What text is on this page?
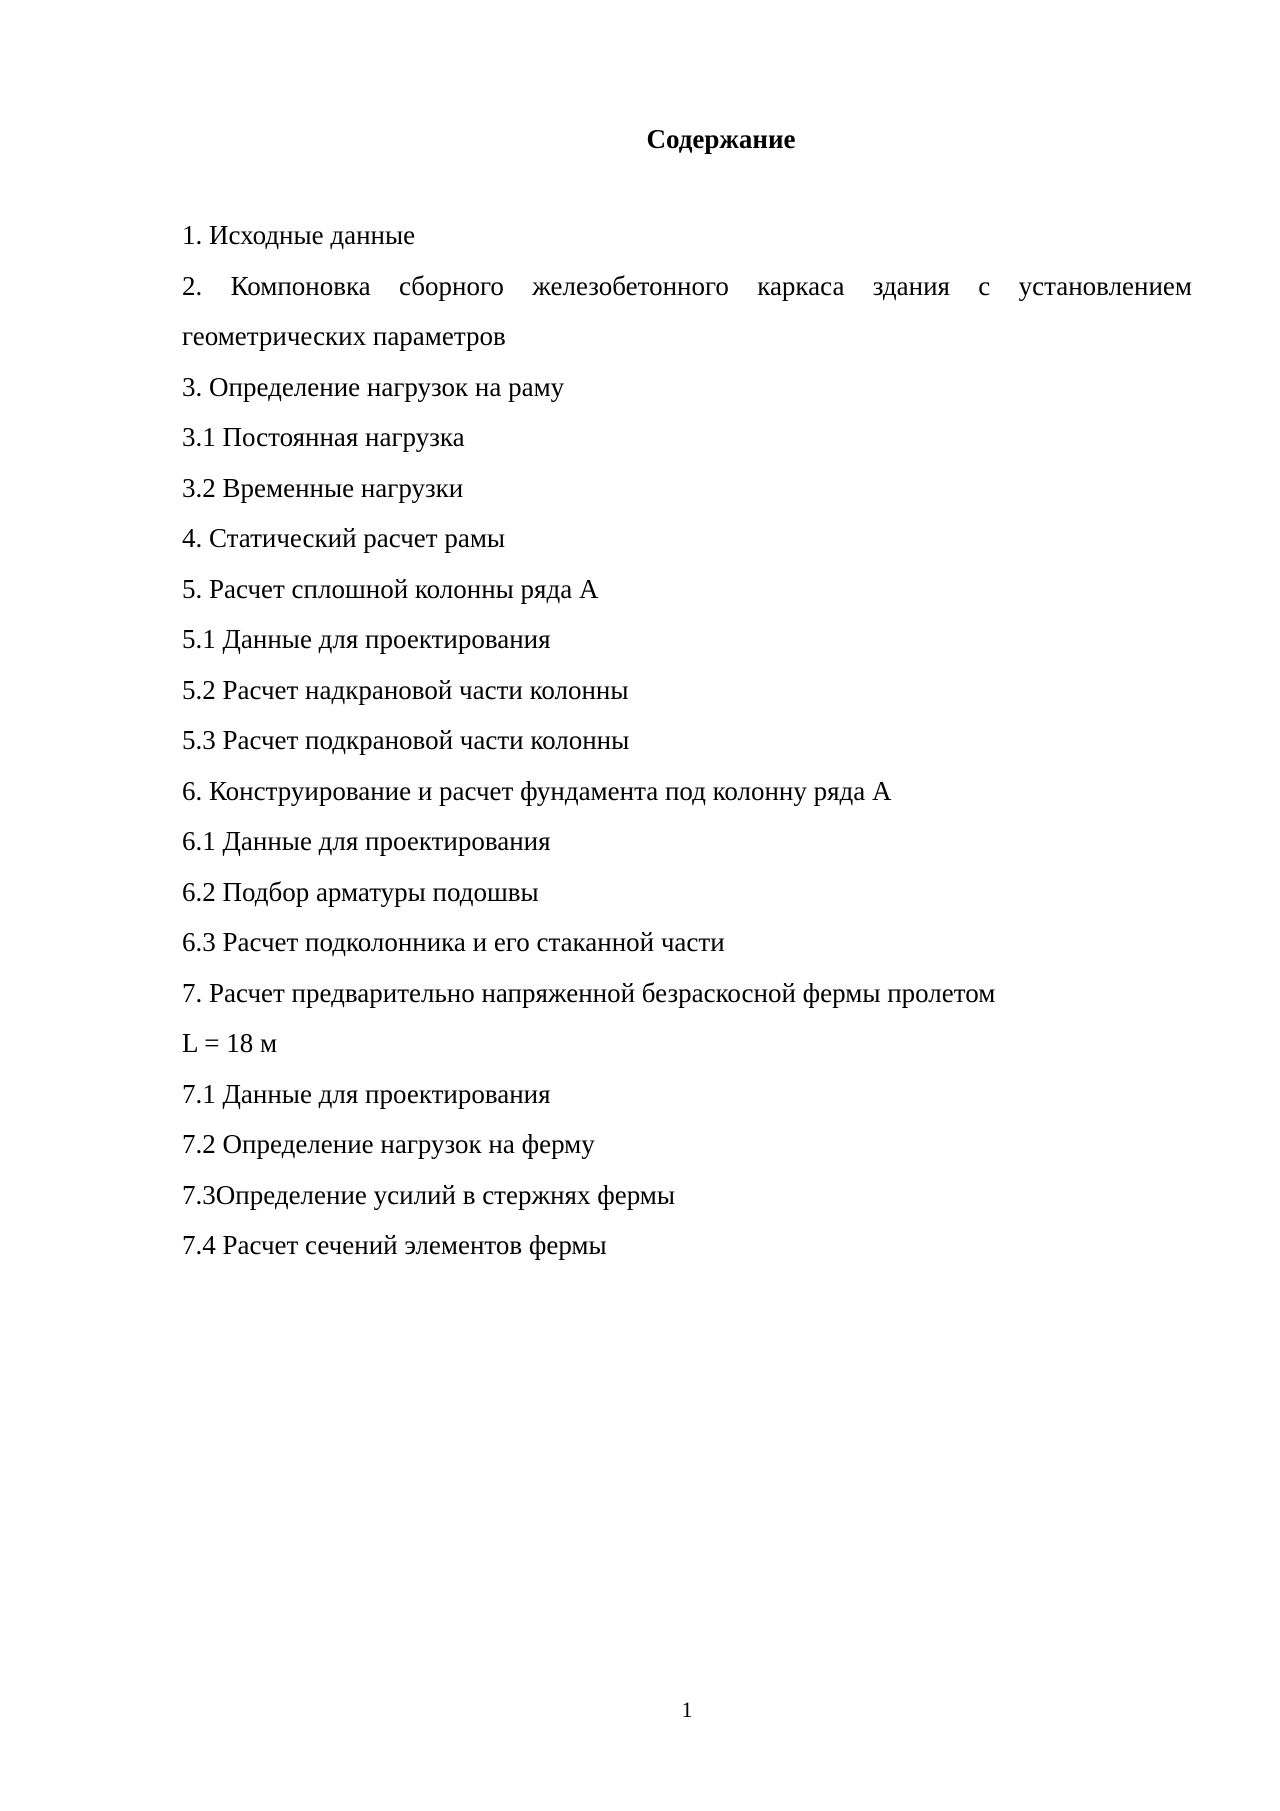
Содержание
1. Исходные данные
2. Компоновка сборного железобетонного каркаса здания с установлением
геометрических параметров
3. Определение нагрузок на раму
3.1 Постоянная нагрузка
3.2 Временные нагрузки
4. Статический расчет рамы
5. Расчет сплошной колонны ряда А
5.1 Данные для проектирования
5.2 Расчет надкрановой части колонны
5.3 Расчет подкрановой части колонны
6. Конструирование и расчет фундамента под колонну ряда А
6.1 Данные для проектирования
6.2 Подбор арматуры подошвы
6.3 Расчет подколонника и его стаканной части
7. Расчет предварительно напряженной безраскосной фермы пролетом
L = 18 м
7.1 Данные для проектирования
7.2 Определение нагрузок на ферму
7.3Определение усилий в стержнях фермы
7.4 Расчет сечений элементов фермы
1
